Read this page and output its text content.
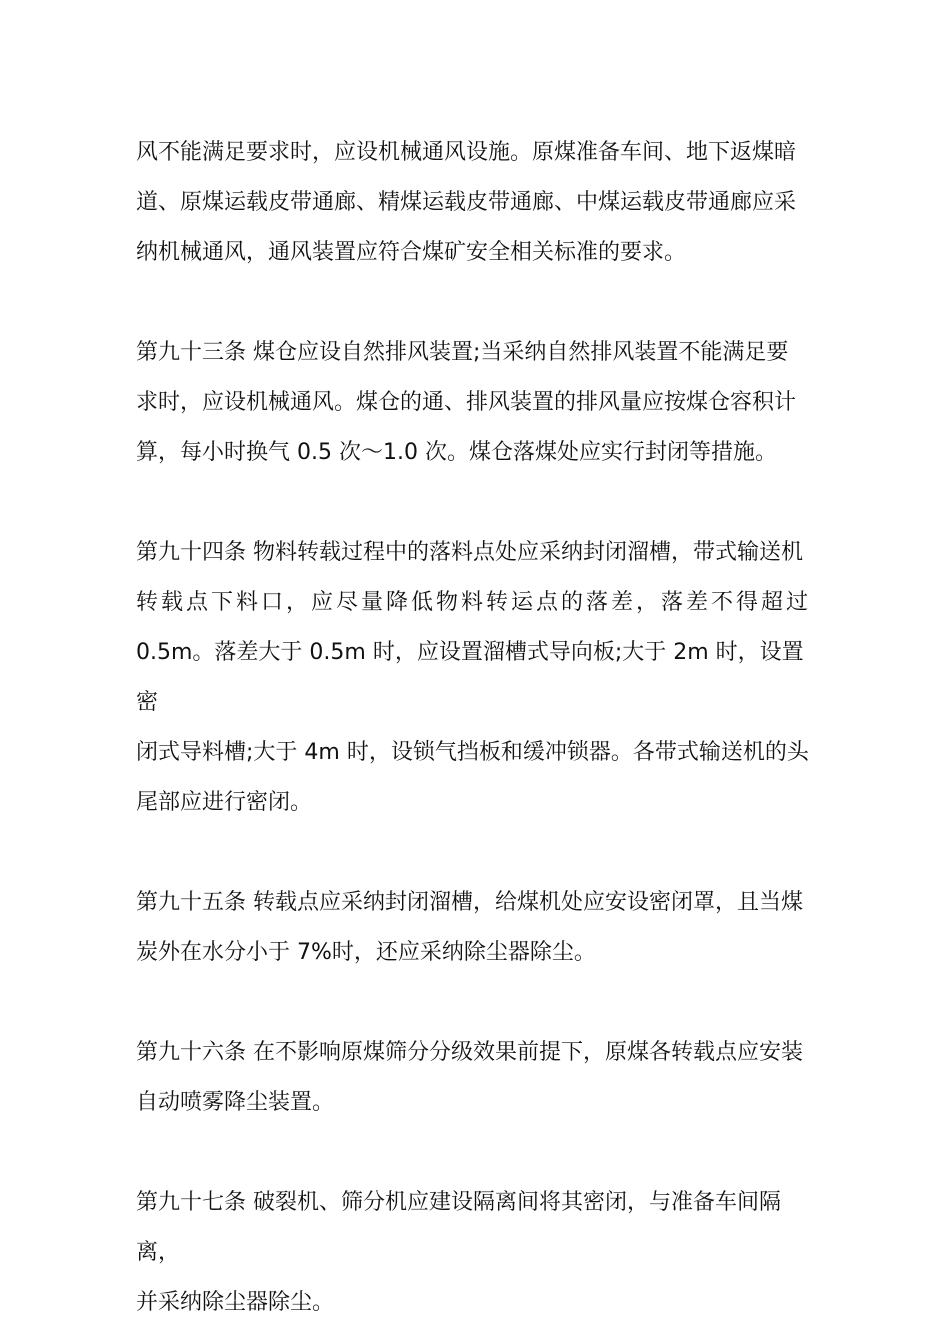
风不能满足要求时，应设机械通风设施。原煤准备车间、地下返煤暗
道、原煤运载皮带通廊、精煤运载皮带通廊、中煤运载皮带通廊应采
纳机械通风，通风装置应符合煤矿安全相关标准的要求。
第九十三条 煤仓应设自然排风装置;当采纳自然排风装置不能满足要
求时，应设机械通风。煤仓的通、排风装置的排风量应按煤仓容积计
算，每小时换气 0.5 次～1.0 次。煤仓落煤处应实行封闭等措施。
第九十四条 物料转载过程中的落料点处应采纳封闭溜槽，带式输送机
转载点下料口，应尽量降低物料转运点的落差，落差不得超过
0.5m。落差大于 0.5m 时，应设置溜槽式导向板;大于 2m 时，设置密
闭式导料槽;大于 4m 时，设锁气挡板和缓冲锁器。各带式输送机的头
尾部应进行密闭。
第九十五条 转载点应采纳封闭溜槽，给煤机处应安设密闭罩，且当煤
炭外在水分小于 7%时，还应采纳除尘器除尘。
第九十六条 在不影响原煤筛分分级效果前提下，原煤各转载点应安装
自动喷雾降尘装置。
第九十七条 破裂机、筛分机应建设隔离间将其密闭，与准备车间隔离，
并采纳除尘器除尘。
